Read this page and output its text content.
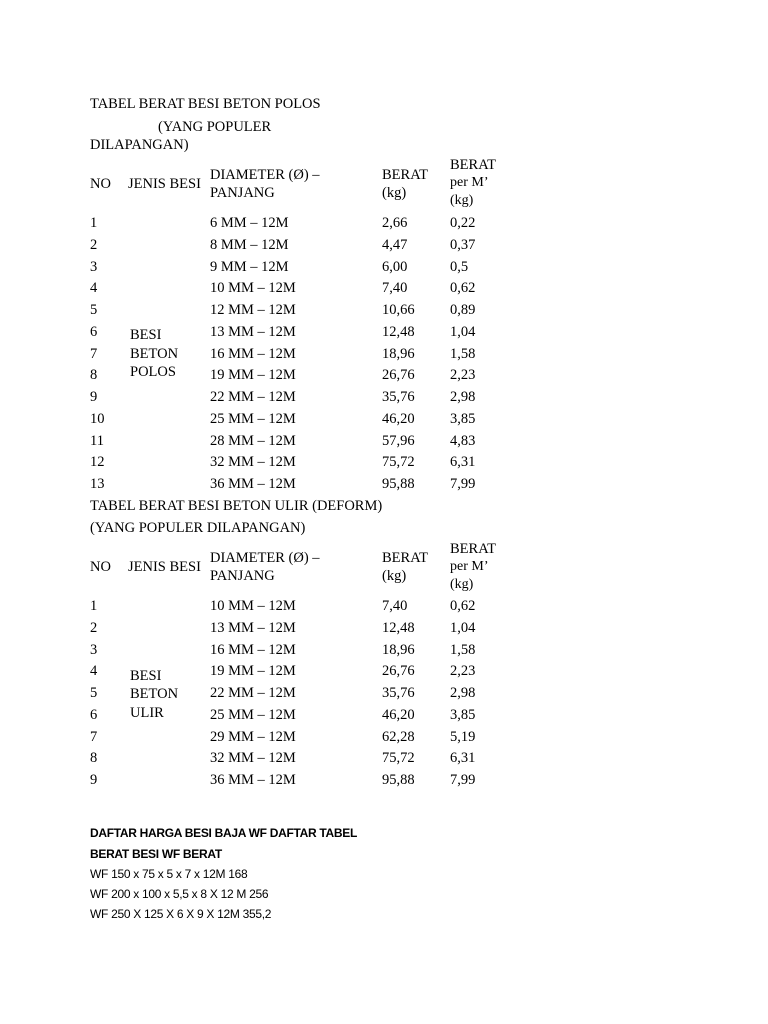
TABEL BERAT BESI BETON POLOS
(YANG POPULER
DILAPANGAN)
NO JENIS BESI
DIAMETER (Ø) –
PANJANG
BERAT
(kg)
BERAT
per M’
(kg)
BESI
BETON
POLOS
1	6 MM – 12M	2,66	0,22
2	8 MM – 12M	4,47	0,37
3	9 MM – 12M	6,00	0,5
4	10 MM – 12M	7,40	0,62
5	12 MM – 12M	10,66 0,89
6	13 MM – 12M	12,48 1,04
7	16 MM – 12M	18,96 1,58
8	19 MM – 12M	26,76 2,23
9	22 MM – 12M	35,76 2,98
10	25 MM – 12M	46,20 3,85
11	28 MM – 12M	57,96 4,83
12	32 MM – 12M	75,72 6,31
13	36 MM – 12M	95,88 7,99
TABEL BERAT BESI BETON ULIR (DEFORM)
(YANG POPULER DILAPANGAN)
NO JENIS BESI
DIAMETER (Ø) –
PANJANG
BERAT
(kg)
BERAT
per M’
(kg)
BESI
BETON
ULIR
1	10 MM – 12M	7,40	0,62
2	13 MM – 12M	12,48 1,04
3	16 MM – 12M	18,96 1,58
4	19 MM – 12M	26,76 2,23
5	22 MM – 12M	35,76 2,98
6	25 MM – 12M	46,20 3,85
7	29 MM – 12M	62,28 5,19
8	32 MM – 12M	75,72 6,31
9	36 MM – 12M	95,88 7,99
DAFTAR HARGA BESI BAJA WF DAFTAR TABEL
BERAT BESI WF BERAT
WF 150 x 75 x 5 x 7 x 12M 168
WF 200 x 100 x 5,5 x 8 X 12 M 256
WF 250 X 125 X 6 X 9 X 12M 355,2
